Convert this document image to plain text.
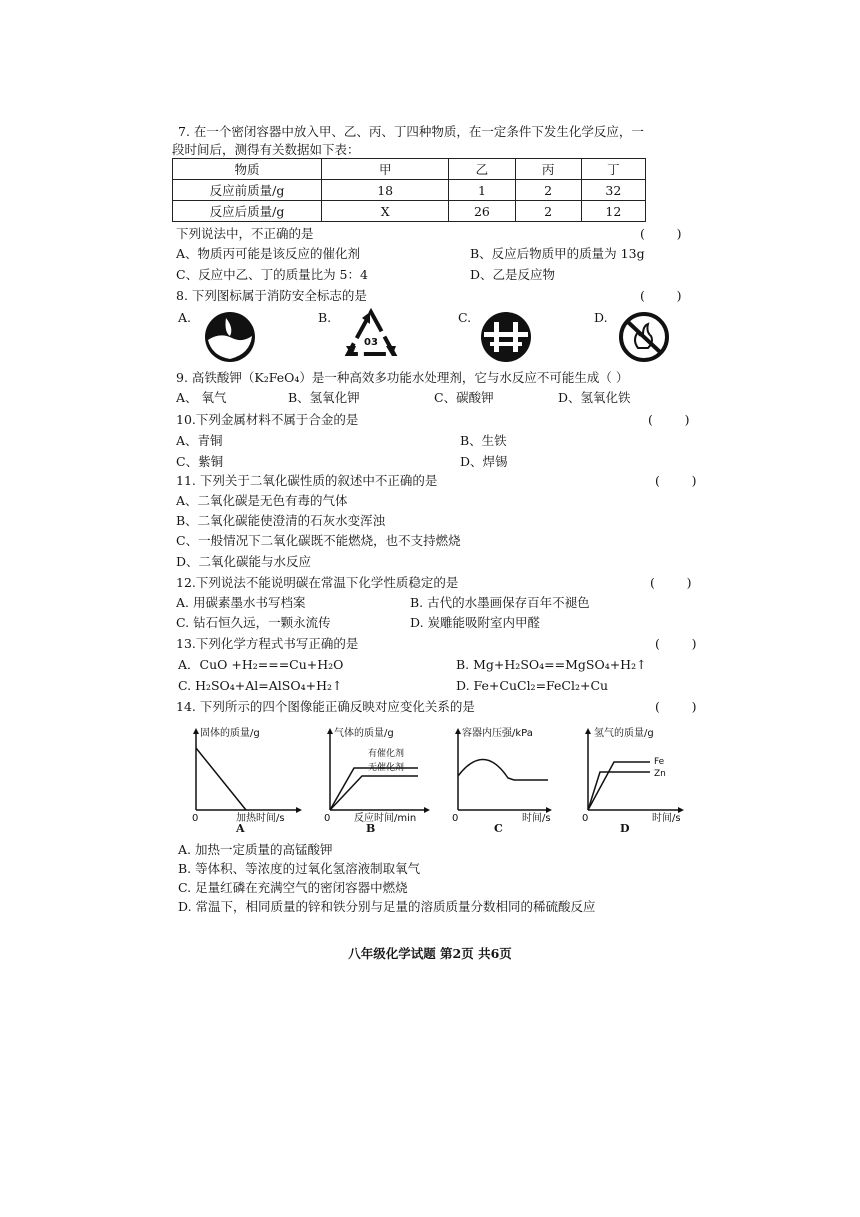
7. 在一个密闭容器中放入甲、乙、丙、丁四种物质，在一定条件下发生化学反应，一
段时间后，测得有关数据如下表：
物质	甲	乙	丙	丁
反应前质量/g	18	1	2	32
反应后质量/g	X	26	2	12
下列说法中，不正确的是	(        )
A、物质丙可能是该反应的催化剂	B、反应后物质甲的质量为 13g
C、反应中乙、丁的质量比为 5：4	D、乙是反应物
8. 下列图标属于消防安全标志的是	(        )
A.	B.	C.	D.
03
9. 高铁酸钾（K₂FeO₄）是一种高效多功能水处理剂，它与水反应不可能生成（ ）
A、 氧气	B、氢氧化钾	C、碳酸钾	D、氢氧化铁
10.下列金属材料不属于合金的是	(        )
A、青铜	B、生铁
C、紫铜	D、焊锡
11. 下列关于二氧化碳性质的叙述中不正确的是	(        )
A、二氧化碳是无色有毒的气体
B、二氧化碳能使澄清的石灰水变浑浊
C、一般情况下二氧化碳既不能燃烧，也不支持燃烧
D、二氧化碳能与水反应
12.下列说法不能说明碳在常温下化学性质稳定的是	(        )
A. 用碳素墨水书写档案	B. 古代的水墨画保存百年不褪色
C. 钻石恒久远，一颗永流传	D. 炭雕能吸附室内甲醛
13.下列化学方程式书写正确的是	(        )
A．CuO +H₂===Cu+H₂O	B. Mg+H₂SO₄==MgSO₄+H₂↑
C. H₂SO₄+Al=AlSO₄+H₂↑	D. Fe+CuCl₂=FeCl₂+Cu
14. 下列所示的四个图像能正确反映对应变化关系的是	(        )
固体的质量/g
加热时间/s
0
A
气体的质量/g
有催化剂
无催化剂
反应时间/min
0
B
容器内压强/kPa
时间/s
0
C
氢气的质量/g
Fe
Zn
时间/s
0
D
A. 加热一定质量的高锰酸钾
B. 等体积、等浓度的过氧化氢溶液制取氧气
C. 足量红磷在充满空气的密闭容器中燃烧
D. 常温下，相同质量的锌和铁分别与足量的溶质质量分数相同的稀硫酸反应
八年级化学试题 第2页 共6页
